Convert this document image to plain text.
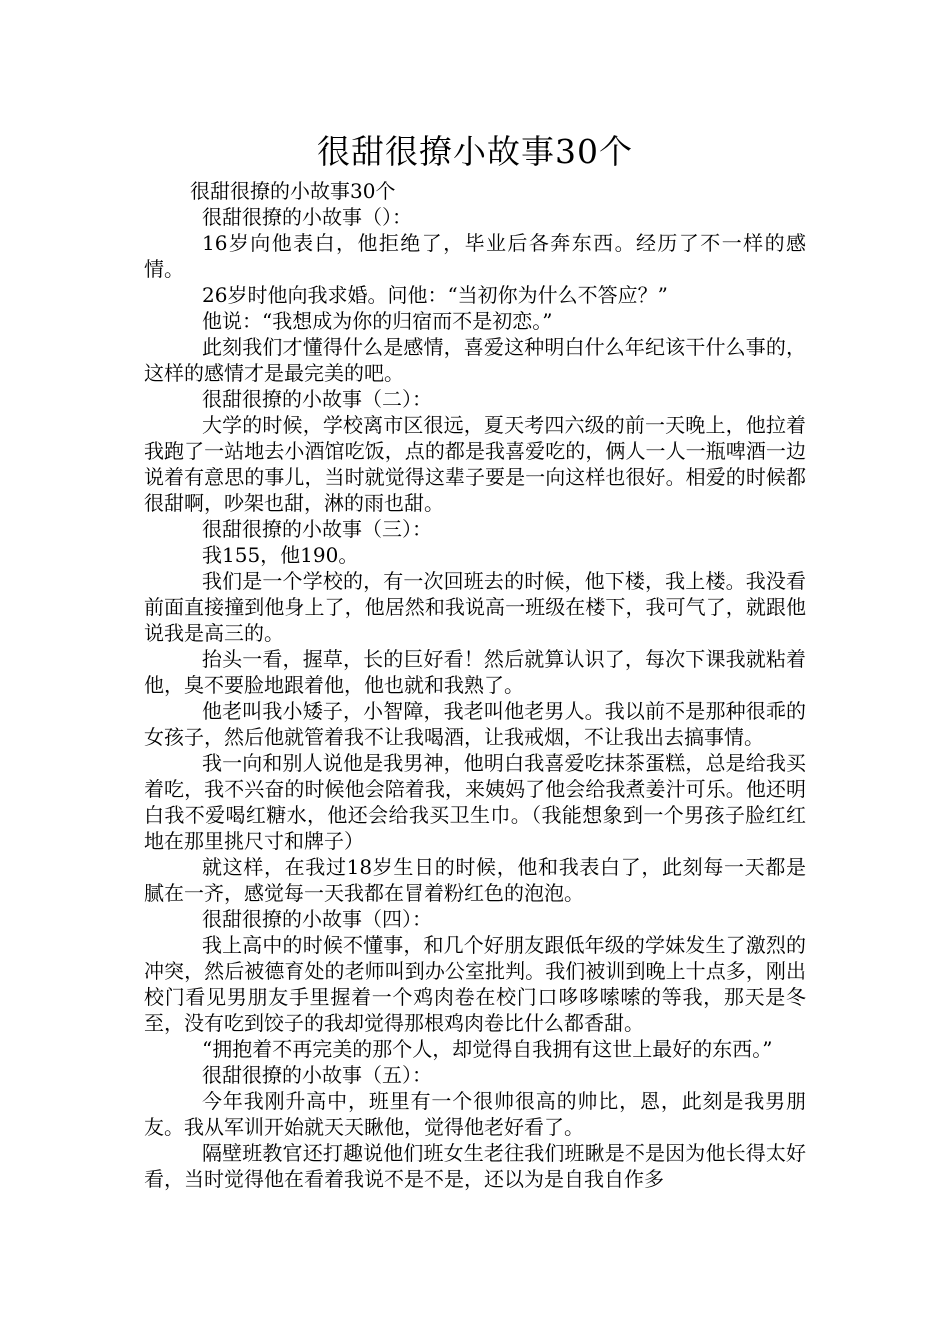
很甜很撩小故事30个

很甜很撩的小故事30个

很甜很撩的小故事（）：

16岁向他表白，他拒绝了，毕业后各奔东西。经历了不一样的感情。

26岁时他向我求婚。问他：“当初你为什么不答应？”

他说：“我想成为你的归宿而不是初恋。”

此刻我们才懂得什么是感情，喜爱这种明白什么年纪该干什么事的，这样的感情才是最完美的吧。

很甜很撩的小故事（二）：

大学的时候，学校离市区很远，夏天考四六级的前一天晚上，他拉着我跑了一站地去小酒馆吃饭，点的都是我喜爱吃的，俩人一人一瓶啤酒一边说着有意思的事儿，当时就觉得这辈子要是一向这样也很好。相爱的时候都很甜啊，吵架也甜，淋的雨也甜。

很甜很撩的小故事（三）：

我155，他190。

我们是一个学校的，有一次回班去的时候，他下楼，我上楼。我没看前面直接撞到他身上了，他居然和我说高一班级在楼下，我可气了，就跟他说我是高三的。

抬头一看，握草，长的巨好看！然后就算认识了，每次下课我就粘着他，臭不要脸地跟着他，他也就和我熟了。

他老叫我小矮子，小智障，我老叫他老男人。我以前不是那种很乖的女孩子，然后他就管着我不让我喝酒，让我戒烟，不让我出去搞事情。

我一向和别人说他是我男神，他明白我喜爱吃抹茶蛋糕，总是给我买着吃，我不兴奋的时候他会陪着我，来姨妈了他会给我煮姜汁可乐。他还明白我不爱喝红糖水，他还会给我买卫生巾。（我能想象到一个男孩子脸红红地在那里挑尺寸和牌子）

就这样，在我过18岁生日的时候，他和我表白了，此刻每一天都是腻在一齐，感觉每一天我都在冒着粉红色的泡泡。

很甜很撩的小故事（四）：

我上高中的时候不懂事，和几个好朋友跟低年级的学妹发生了激烈的冲突，然后被德育处的老师叫到办公室批判。我们被训到晚上十点多，刚出校门看见男朋友手里握着一个鸡肉卷在校门口哆哆嗦嗦的等我，那天是冬至，没有吃到饺子的我却觉得那根鸡肉卷比什么都香甜。

“拥抱着不再完美的那个人，却觉得自我拥有这世上最好的东西。”

很甜很撩的小故事（五）：

今年我刚升高中，班里有一个很帅很高的帅比，恩，此刻是我男朋友。我从军训开始就天天瞅他，觉得他老好看了。

隔壁班教官还打趣说他们班女生老往我们班瞅是不是因为他长得太好看，当时觉得他在看着我说不是不是，还以为是自我自作多
